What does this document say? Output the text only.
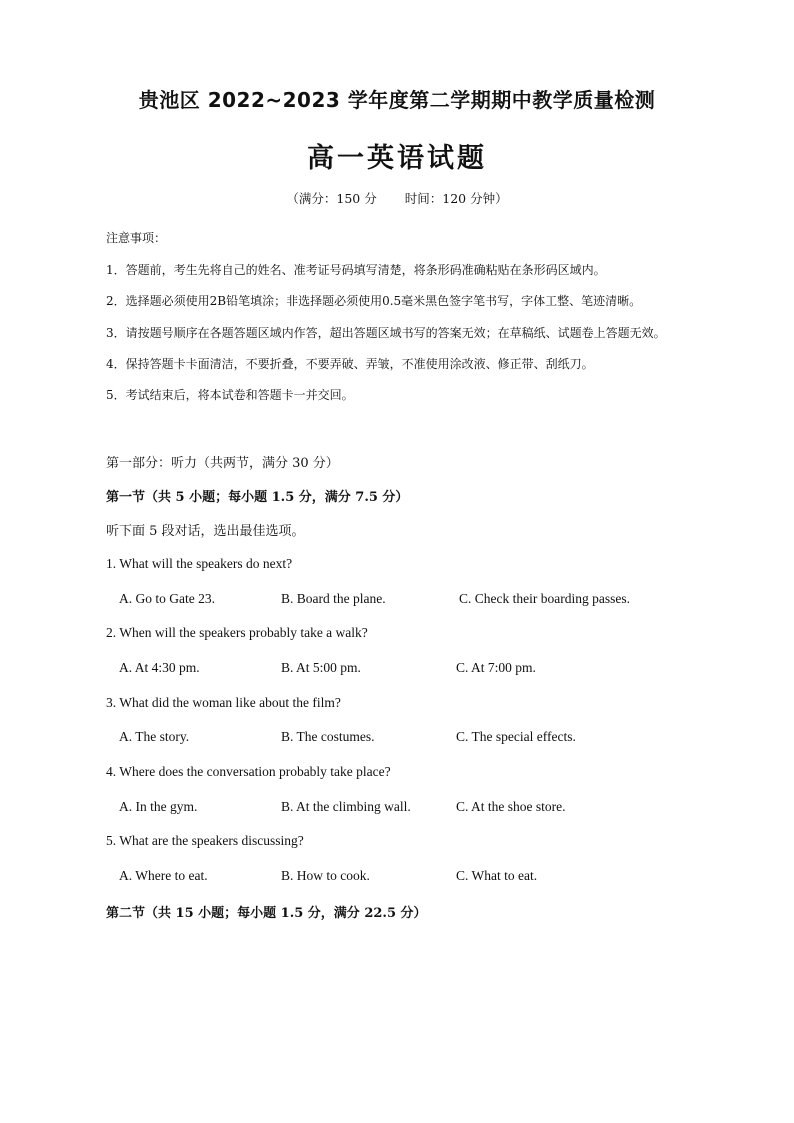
贵池区 2022~2023 学年度第二学期期中教学质量检测
高一英语试题
（满分：150 分 时间：120 分钟）
注意事项：
1．答题前，考生先将自己的姓名、准考证号码填写清楚，将条形码准确粘贴在条形码区域内。
2．选择题必须使用2B铅笔填涂；非选择题必须使用0.5毫米黑色签字笔书写，字体工整、笔迹清晰。
3．请按题号顺序在各题答题区域内作答，超出答题区域书写的答案无效；在草稿纸、试题卷上答题无效。
4．保持答题卡卡面清洁，不要折叠，不要弄破、弄皱，不准使用涂改液、修正带、刮纸刀。
5．考试结束后，将本试卷和答题卡一并交回。
第一部分：听力（共两节，满分 30 分）
第一节（共 5 小题；每小题 1.5 分，满分 7.5 分）
听下面 5 段对话，选出最佳选项。
1. What will the speakers do next?
A. Go to Gate 23.	B. Board the plane.	C. Check their boarding passes.
2. When will the speakers probably take a walk?
A. At 4:30 pm.	B. At 5:00 pm.	C. At 7:00 pm.
3. What did the woman like about the film?
A. The story.	B. The costumes.	C. The special effects.
4. Where does the conversation probably take place?
A. In the gym.	B. At the climbing wall.	C. At the shoe store.
5. What are the speakers discussing?
A. Where to eat.	B. How to cook.	C. What to eat.
第二节（共 15 小题；每小题 1.5 分，满分 22.5 分）
